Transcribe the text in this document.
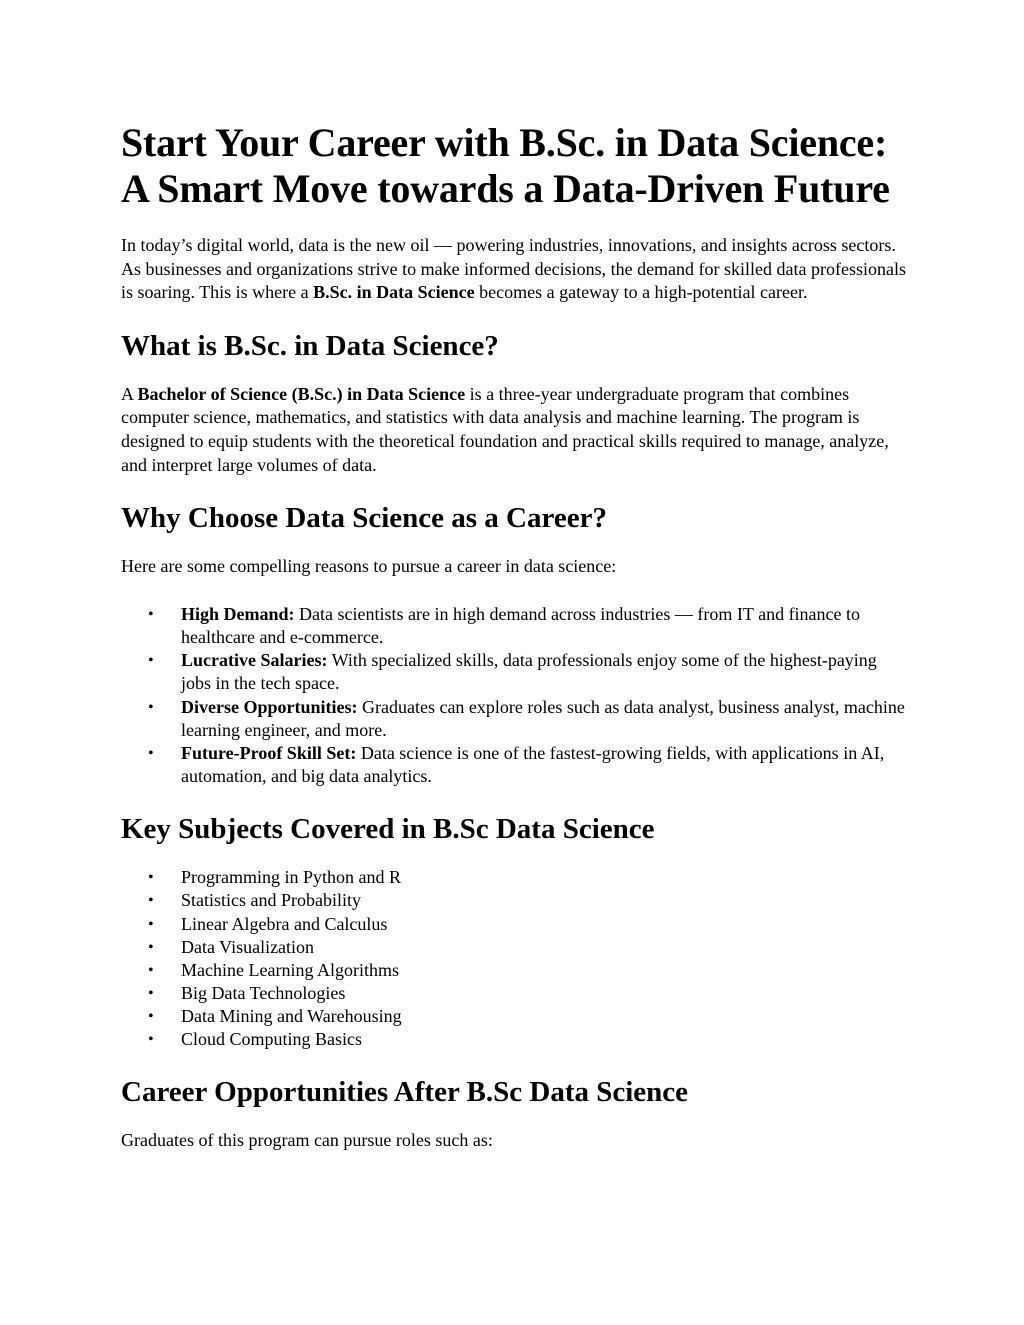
Start Your Career with B.Sc. in Data Science:
A Smart Move towards a Data-Driven Future

In today’s digital world, data is the new oil — powering industries, innovations, and insights across sectors. As businesses and organizations strive to make informed decisions, the demand for skilled data professionals is soaring. This is where a B.Sc. in Data Science becomes a gateway to a high-potential career.

What is B.Sc. in Data Science?

A Bachelor of Science (B.Sc.) in Data Science is a three-year undergraduate program that combines computer science, mathematics, and statistics with data analysis and machine learning. The program is designed to equip students with the theoretical foundation and practical skills required to manage, analyze, and interpret large volumes of data.

Why Choose Data Science as a Career?

Here are some compelling reasons to pursue a career in data science:

• High Demand: Data scientists are in high demand across industries — from IT and finance to healthcare and e-commerce.
• Lucrative Salaries: With specialized skills, data professionals enjoy some of the highest-paying jobs in the tech space.
• Diverse Opportunities: Graduates can explore roles such as data analyst, business analyst, machine learning engineer, and more.
• Future-Proof Skill Set: Data science is one of the fastest-growing fields, with applications in AI, automation, and big data analytics.
Key Subjects Covered in B.Sc Data Science
• Programming in Python and R
• Statistics and Probability
• Linear Algebra and Calculus
• Data Visualization
• Machine Learning Algorithms
• Big Data Technologies
• Data Mining and Warehousing
• Cloud Computing Basics
Career Opportunities After B.Sc Data Science

Graduates of this program can pursue roles such as:
